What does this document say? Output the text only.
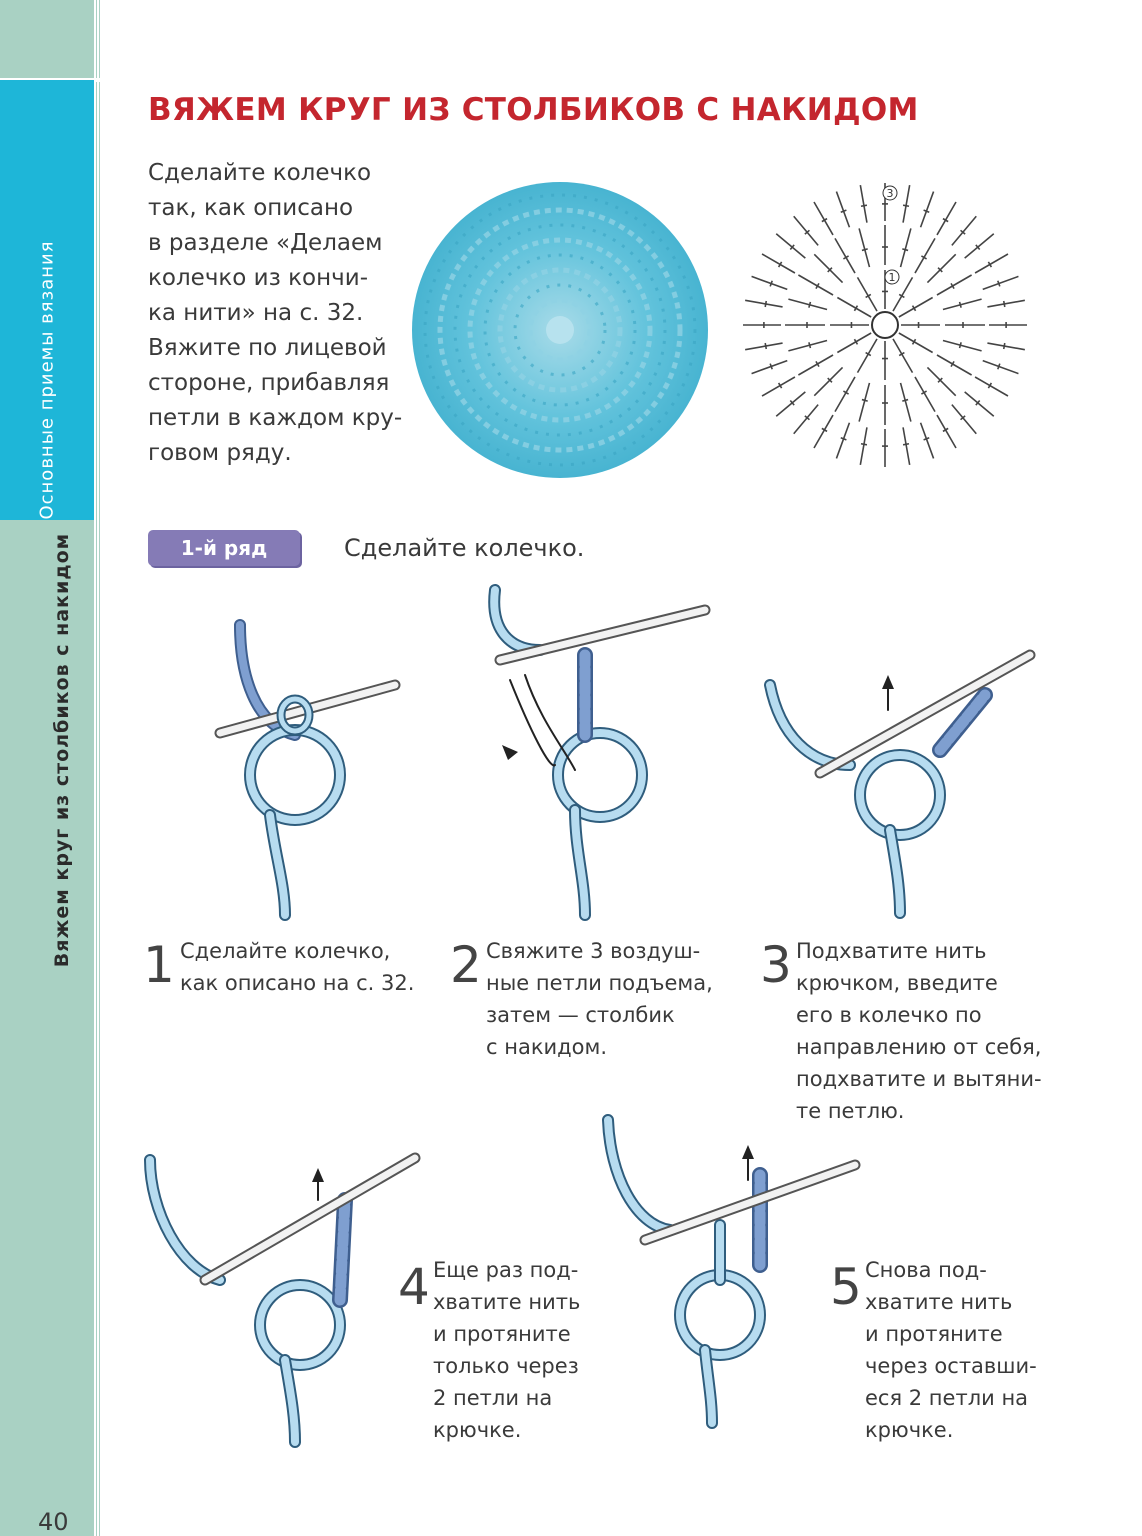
Основные приемы вязания
Вяжем круг из столбиков с накидом
40
ВЯЖЕМ КРУГ ИЗ СТОЛБИКОВ С НАКИДОМ
Сделайте колечко
так, как описано
в разделе «Делаем
колечко из кончи-
ка нити» на с. 32.
Вяжите по лицевой
стороне, прибавляя
петли в каждом кру-
говом ряду.
1
3
1-й ряд	Сделайте колечко.
1 Сделайте колечко,
как описано на с. 32. 2 Свяжите 3 воздуш-
ные петли подъема,
затем — столбик
с накидом.
3 Подхватите нить
крючком, введите
его в колечко по
направлению от себя,
подхватите и вытяни-
те петлю.
4 Еще раз под-
хватите нить
и протяните
только через
2 петли на
крючке.
5 Снова под-
хватите нить
и протяните
через оставши-
еся 2 петли на
крючке.
